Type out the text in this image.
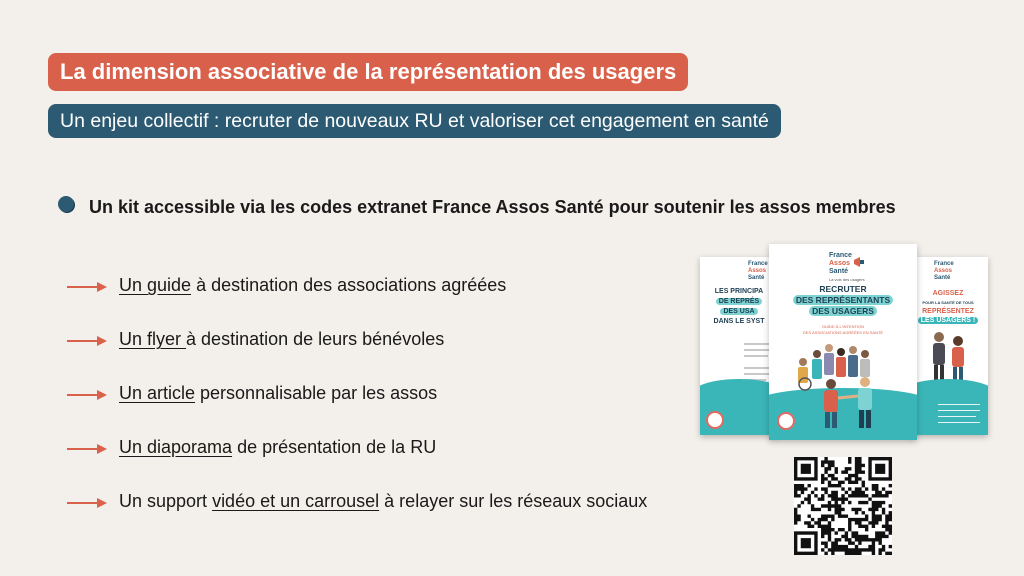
La dimension associative de la représentation des usagers
Un enjeu collectif : recruter de nouveaux RU et valoriser cet engagement en santé
Un kit accessible via les codes extranet France Assos Santé pour soutenir les assos membres
Un guide à destination des associations agréées
Un flyer à destination de leurs bénévoles
Un article personnalisable par les assos
Un diaporama de présentation de la RU
Un support vidéo et un carrousel à relayer sur les réseaux sociaux
France
Assos
Santé
LES PRINCIPA
DE REPRÉS
DES USA
DANS LE SYST
France
Assos
Santé
AGISSEZ
POUR LA SANTÉ DE TOUS
REPRÉSENTEZ
LES USAGERS !
France
Assos
Santé
La voix des usagers
RECRUTER
DES REPRÉSENTANTS
DES USAGERS
GUIDE À L'INTENTION
DES ASSOCIATIONS AGRÉÉES EN SANTÉ
